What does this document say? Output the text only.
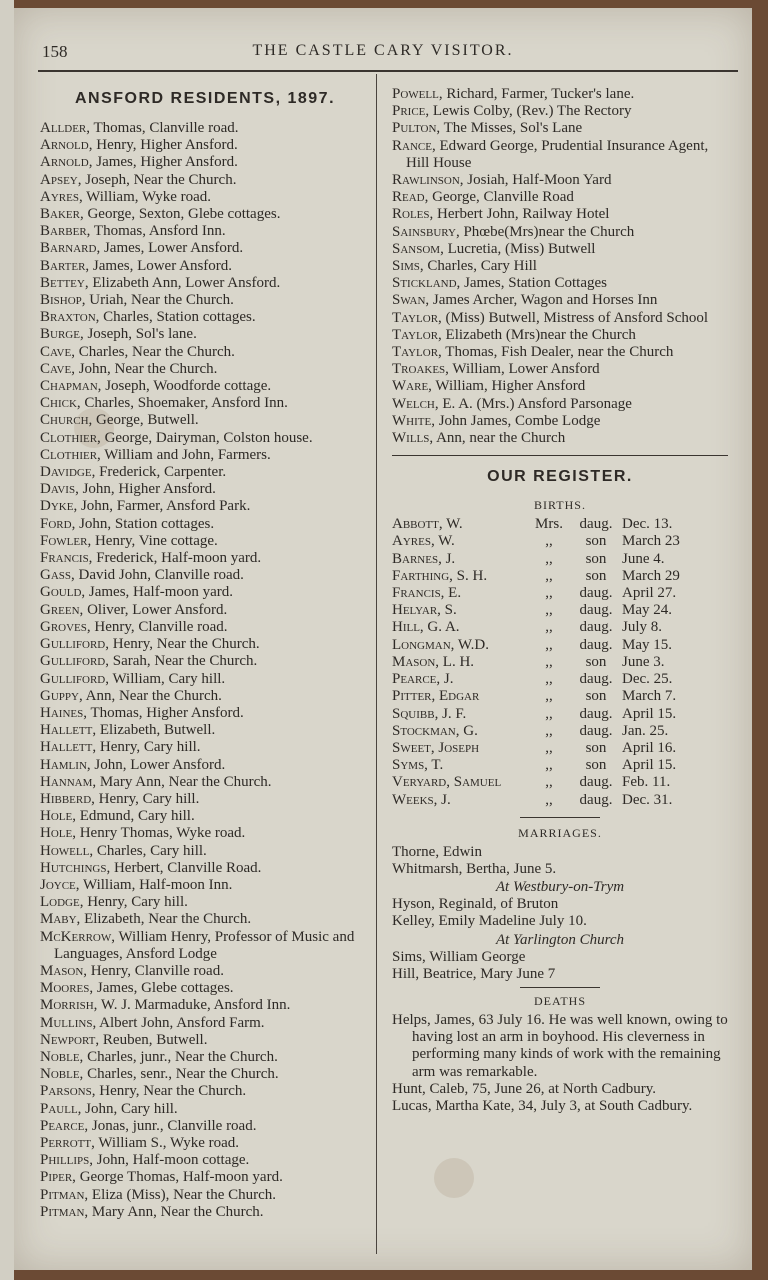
158	THE CASTLE CARY VISITOR.
ANSFORD RESIDENTS, 1897.
Allder, Thomas, Clanville road.
Arnold, Henry, Higher Ansford.
Arnold, James, Higher Ansford.
Apsey, Joseph, Near the Church.
Ayres, William, Wyke road.
Baker, George, Sexton, Glebe cottages.
Barber, Thomas, Ansford Inn.
Barnard, James, Lower Ansford.
Barter, James, Lower Ansford.
Bettey, Elizabeth Ann, Lower Ansford.
Bishop, Uriah, Near the Church.
Braxton, Charles, Station cottages.
Burge, Joseph, Sol's lane.
Cave, Charles, Near the Church.
Cave, John, Near the Church.
Chapman, Joseph, Woodforde cottage.
Chick, Charles, Shoemaker, Ansford Inn.
Church, George, Butwell.
Clothier, George, Dairyman, Colston house.
Clothier, William and John, Farmers.
Davidge, Frederick, Carpenter.
Davis, John, Higher Ansford.
Dyke, John, Farmer, Ansford Park.
Ford, John, Station cottages.
Fowler, Henry, Vine cottage.
Francis, Frederick, Half-moon yard.
Gass, David John, Clanville road.
Gould, James, Half-moon yard.
Green, Oliver, Lower Ansford.
Groves, Henry, Clanville road.
Gulliford, Henry, Near the Church.
Gulliford, Sarah, Near the Church.
Gulliford, William, Cary hill.
Guppy, Ann, Near the Church.
Haines, Thomas, Higher Ansford.
Hallett, Elizabeth, Butwell.
Hallett, Henry, Cary hill.
Hamlin, John, Lower Ansford.
Hannam, Mary Ann, Near the Church.
Hibberd, Henry, Cary hill.
Hole, Edmund, Cary hill.
Hole, Henry Thomas, Wyke road.
Howell, Charles, Cary hill.
Hutchings, Herbert, Clanville Road.
Joyce, William, Half-moon Inn.
Lodge, Henry, Cary hill.
Maby, Elizabeth, Near the Church.
McKerrow, William Henry, Professor of Music and Languages, Ansford Lodge
Mason, Henry, Clanville road.
Moores, James, Glebe cottages.
Morrish, W. J. Marmaduke, Ansford Inn.
Mullins, Albert John, Ansford Farm.
Newport, Reuben, Butwell.
Noble, Charles, junr., Near the Church.
Noble, Charles, senr., Near the Church.
Parsons, Henry, Near the Church.
Paull, John, Cary hill.
Pearce, Jonas, junr., Clanville road.
Perrott, William S., Wyke road.
Phillips, John, Half-moon cottage.
Piper, George Thomas, Half-moon yard.
Pitman, Eliza (Miss), Near the Church.
Pitman, Mary Ann, Near the Church.
Powell, Richard, Farmer, Tucker's lane.
Price, Lewis Colby, (Rev.) The Rectory
Pulton, The Misses, Sol's Lane
Rance, Edward George, Prudential Insurance Agent, Hill House
Rawlinson, Josiah, Half-Moon Yard
Read, George, Clanville Road
Roles, Herbert John, Railway Hotel
Sainsbury, Phœbe(Mrs)near the Church
Sansom, Lucretia, (Miss) Butwell
Sims, Charles, Cary Hill
Stickland, James, Station Cottages
Swan, James Archer, Wagon and Horses Inn
Taylor, (Miss) Butwell, Mistress of Ansford School
Taylor, Elizabeth (Mrs)near the Church
Taylor, Thomas, Fish Dealer, near the Church
Troakes, William, Lower Ansford
Ware, William, Higher Ansford
Welch, E. A. (Mrs.) Ansford Parsonage
White, John James, Combe Lodge
Wills, Ann, near the Church
OUR REGISTER.
BIRTHS.
Abbott, W.	Mrs.	daug.	Dec. 13.
Ayres, W.	,,	son	March 23
Barnes, J.	,,	son	June 4.
Farthing, S. H.	,,	son	March 29
Francis, E.	,,	daug.	April 27.
Helyar, S.	,,	daug.	May 24.
Hill, G. A.	,,	daug.	July 8.
Longman, W.D.	,,	daug.	May 15.
Mason, L. H.	,,	son	June 3.
Pearce, J.	,,	daug.	Dec. 25.
Pitter, Edgar	,,	son	March 7.
Squibb, J. F.	,,	daug.	April 15.
Stockman, G.	,,	daug.	Jan. 25.
Sweet, Joseph	,,	son	April 16.
Syms, T.	,,	son	April 15.
Veryard, Samuel	,,	daug.	Feb. 11.
Weeks, J.	,,	daug.	Dec. 31.
MARRIAGES.
Thorne, Edwin
Whitmarsh, Bertha, June 5.
At Westbury-on-Trym
Hyson, Reginald, of Bruton
Kelley, Emily Madeline July 10.
At Yarlington Church
Sims, William George
Hill, Beatrice, Mary June 7
DEATHS
Helps, James, 63 July 16. He was well known, owing to having lost an arm in boyhood. His cleverness in performing many kinds of work with the remaining arm was remarkable.
Hunt, Caleb, 75, June 26, at North Cadbury.
Lucas, Martha Kate, 34, July 3, at South Cadbury.
